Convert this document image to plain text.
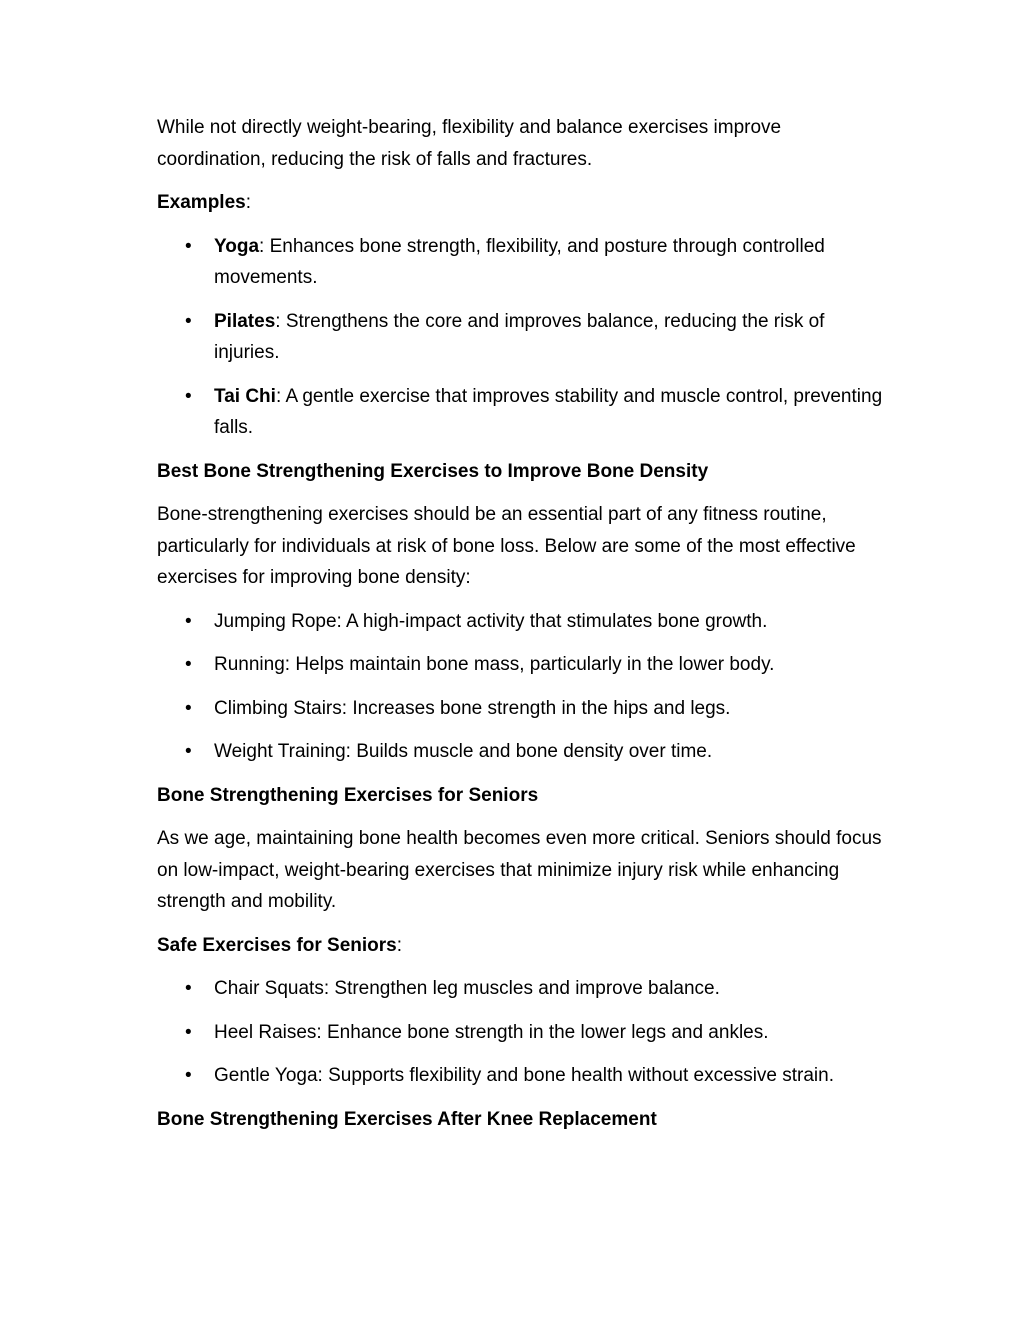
While not directly weight-bearing, flexibility and balance exercises improve coordination, reducing the risk of falls and fractures.

Examples:

• Yoga: Enhances bone strength, flexibility, and posture through controlled movements.
• Pilates: Strengthens the core and improves balance, reducing the risk of injuries.
• Tai Chi: A gentle exercise that improves stability and muscle control, preventing falls.
Best Bone Strengthening Exercises to Improve Bone Density

Bone-strengthening exercises should be an essential part of any fitness routine, particularly for individuals at risk of bone loss. Below are some of the most effective exercises for improving bone density:

• Jumping Rope: A high-impact activity that stimulates bone growth.
• Running: Helps maintain bone mass, particularly in the lower body.
• Climbing Stairs: Increases bone strength in the hips and legs.
• Weight Training: Builds muscle and bone density over time.
Bone Strengthening Exercises for Seniors

As we age, maintaining bone health becomes even more critical. Seniors should focus on low-impact, weight-bearing exercises that minimize injury risk while enhancing strength and mobility.

Safe Exercises for Seniors:

• Chair Squats: Strengthen leg muscles and improve balance.
• Heel Raises: Enhance bone strength in the lower legs and ankles.
• Gentle Yoga: Supports flexibility and bone health without excessive strain.
Bone Strengthening Exercises After Knee Replacement
